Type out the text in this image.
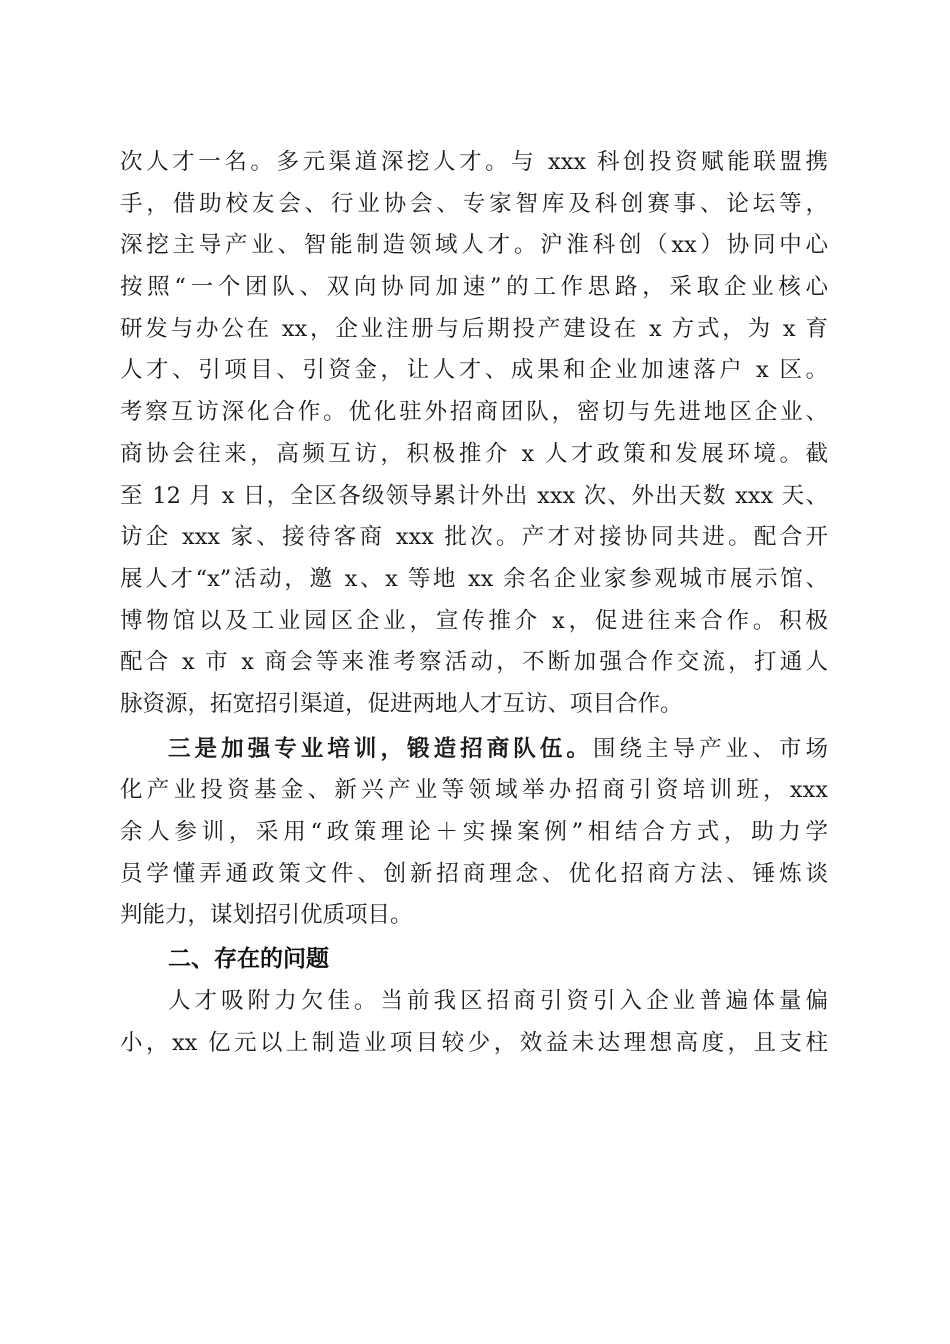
次人才一名。多元渠道深挖人才。与 xxx 科创投资赋能联盟携
手，借助校友会、行业协会、专家智库及科创赛事、论坛等，
深挖主导产业、智能制造领域人才。沪淮科创（xx）协同中心
按照“一个团队、双向协同加速”的工作思路，采取企业核心
研发与办公在 xx，企业注册与后期投产建设在 x 方式，为 x 育
人才、引项目、引资金，让人才、成果和企业加速落户 x 区。
考察互访深化合作。优化驻外招商团队，密切与先进地区企业、
商协会往来，高频互访，积极推介 x 人才政策和发展环境。截
至 12 月 x 日，全区各级领导累计外出 xxx 次、外出天数 xxx 天、
访企 xxx 家、接待客商 xxx 批次。产才对接协同共进。配合开
展人才“x”活动，邀 x、x 等地 xx 余名企业家参观城市展示馆、
博物馆以及工业园区企业，宣传推介 x，促进往来合作。积极
配合 x 市 x 商会等来淮考察活动，不断加强合作交流，打通人
脉资源，拓宽招引渠道，促进两地人才互访、项目合作。
三是加强专业培训，锻造招商队伍。围绕主导产业、市场
化产业投资基金、新兴产业等领域举办招商引资培训班，xxx
余人参训，采用“政策理论＋实操案例”相结合方式，助力学
员学懂弄通政策文件、创新招商理念、优化招商方法、锤炼谈
判能力，谋划招引优质项目。
二、存在的问题
人才吸附力欠佳。当前我区招商引资引入企业普遍体量偏
小，xx 亿元以上制造业项目较少，效益未达理想高度，且支柱
